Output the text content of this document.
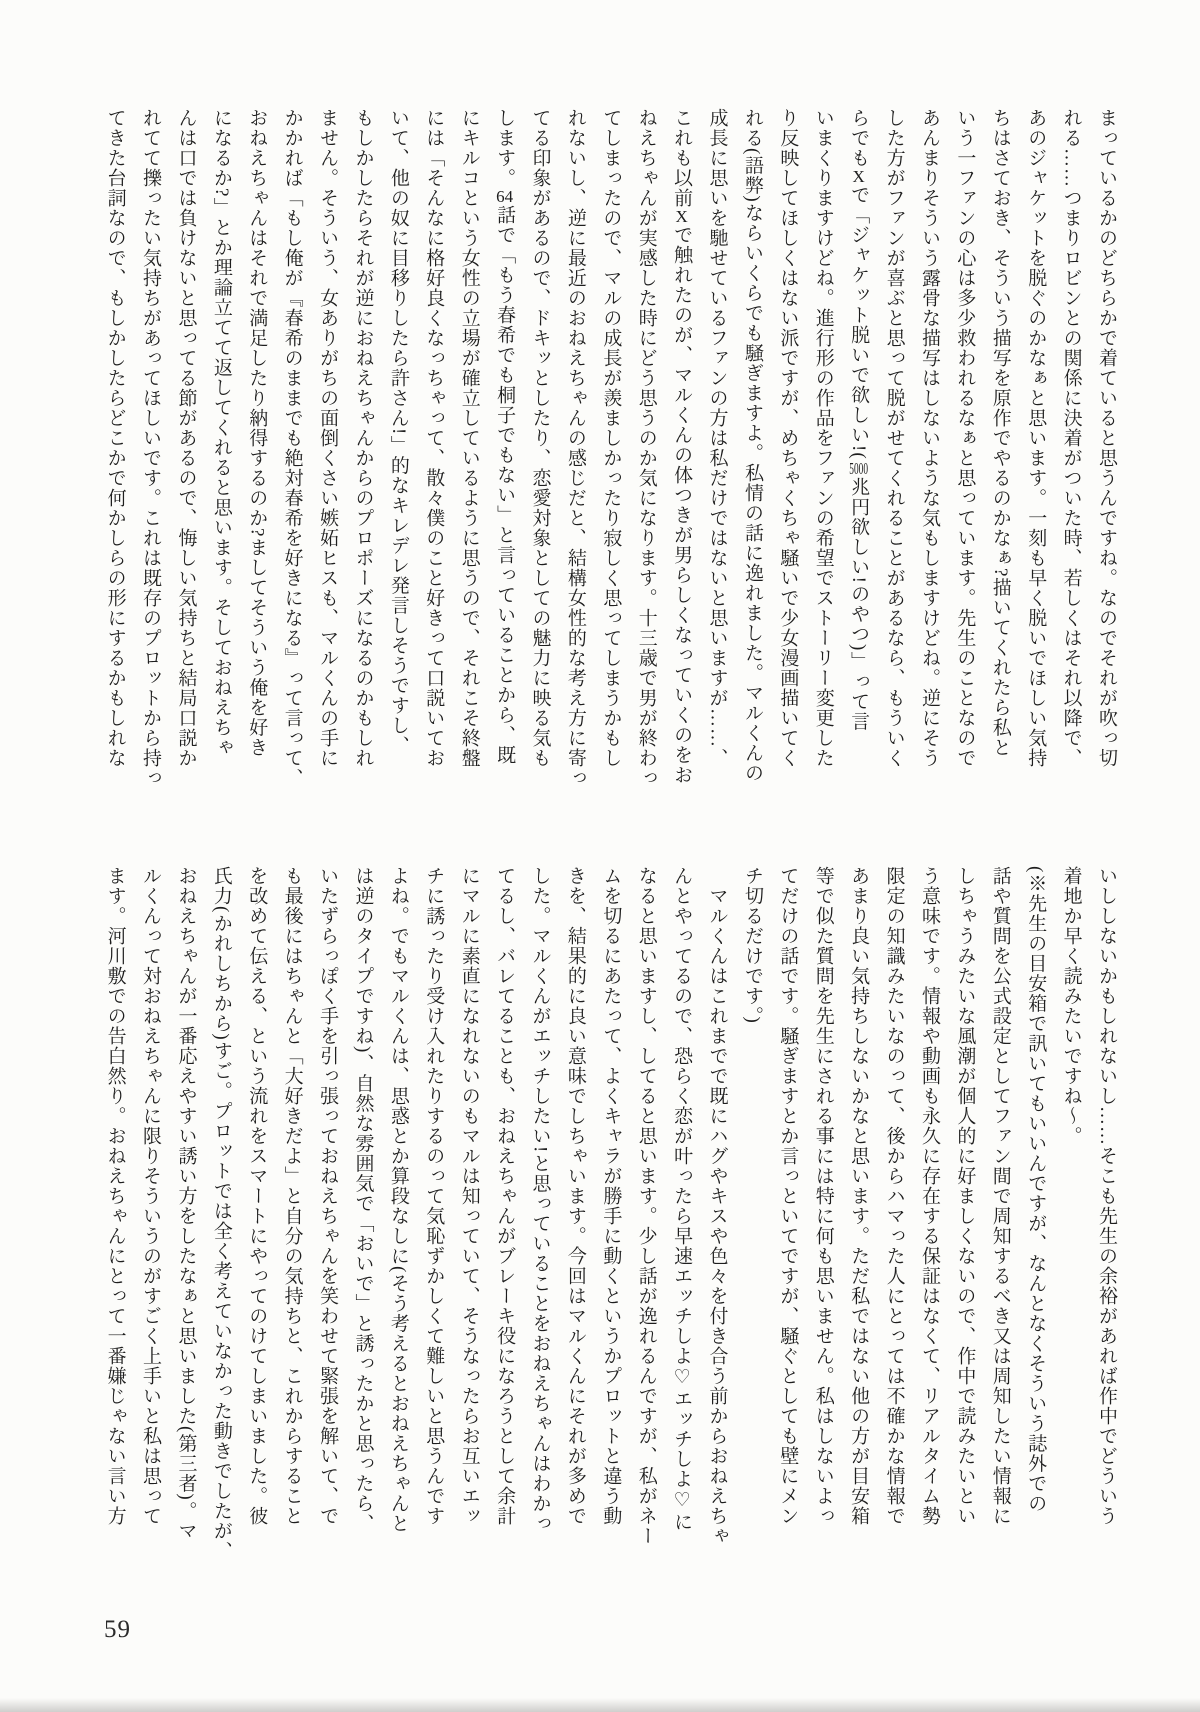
まっているかのどちらかで着ていると思うんですね。なのでそれが吹っ切
れる……つまりロビンとの関係に決着がついた時、若しくはそれ以降で、
あのジャケットを脱ぐのかなぁと思います。一刻も早く脱いでほしい気持
ちはさておき、そういう描写を原作でやるのかなぁ?描いてくれたら私と
いう一ファンの心は多少救われるなぁと思っています。先生のことなので
あんまりそういう露骨な描写はしないような気もしますけどね。逆にそう
した方がファンが喜ぶと思って脱がせてくれることがあるなら、もういく
らでもXで「ジャケット脱いで欲しい!(5000兆円欲しい!のやつ)」って言
いまくりますけどね。進行形の作品をファンの希望でストーリー変更した
り反映してほしくはない派ですが、めちゃくちゃ騒いで少女漫画描いてく
れる(語弊)ならいくらでも騒ぎますよ。私情の話に逸れました。マルくんの
成長に思いを馳せているファンの方は私だけではないと思いますが……、
これも以前Xで触れたのが、マルくんの体つきが男らしくなっていくのをお
ねえちゃんが実感した時にどう思うのか気になります。十三歳で男が終わっ
てしまったので、マルの成長が羨ましかったり寂しく思ってしまうかもし
れないし、逆に最近のおねえちゃんの感じだと、結構女性的な考え方に寄っ
てる印象があるので、ドキッとしたり、恋愛対象としての魅力に映る気も
します。64話で「もう春希でも桐子でもない」と言っていることから、既
にキルコという女性の立場が確立しているように思うので、それこそ終盤
には「そんなに格好良くなっちゃって、散々僕のこと好きって口説いてお
いて、他の奴に目移りしたら許さん!」的なキレデレ発言しそうですし、
もしかしたらそれが逆におねえちゃんからのプロポーズになるのかもしれ
ません。そういう、女ありがちの面倒くさい嫉妬ヒスも、マルくんの手に
かかれば「もし俺が『春希のままでも絶対春希を好きになる』って言って、
おねえちゃんはそれで満足したり納得するのか?ましてそういう俺を好き
になるか?」とか理論立てて返してくれると思います。そしておねえちゃ
んは口では負けないと思ってる節があるので、悔しい気持ちと結局口説か
れてて擽ったい気持ちがあってほしいです。これは既存のプロットから持っ
てきた台詞なので、もしかしたらどこかで何かしらの形にするかもしれな
いししないかもしれないし……そこも先生の余裕があれば作中でどういう
着地か早く読みたいですね〜。
(※先生の目安箱で訊いてもいいんですが、なんとなくそういう誌外での
話や質問を公式設定としてファン間で周知するべき又は周知したい情報に
しちゃうみたいな風潮が個人的に好ましくないので、作中で読みたいとい
う意味です。情報や動画も永久に存在する保証はなくて、リアルタイム勢
限定の知識みたいなのって、後からハマった人にとっては不確かな情報で
あまり良い気持ちしないかなと思います。ただ私ではない他の方が目安箱
等で似た質問を先生にされる事には特に何も思いません。私はしないよっ
てだけの話です。騒ぎますとか言っといてですが、騒ぐとしても壁にメン
チ切るだけです。)
　マルくんはこれまでで既にハグやキスや色々を付き合う前からおねえちゃ
んとやってるので、恐らく恋が叶ったら早速エッチしよ♡エッチしよ♡に
なると思いますし、してると思います。少し話が逸れるんですが、私がネー
ムを切るにあたって、よくキャラが勝手に動くというかプロットと違う動
きを、結果的に良い意味でしちゃいます。今回はマルくんにそれが多めで
した。マルくんがエッチしたい!と思っていることをおねえちゃんはわかっ
てるし、バレてることも、おねえちゃんがブレーキ役になろうとして余計
にマルに素直になれないのもマルは知っていて、そうなったらお互いエッ
チに誘ったり受け入れたりするのって気恥ずかしくて難しいと思うんです
よね。でもマルくんは、思惑とか算段なしに(そう考えるとおねえちゃんと
は逆のタイプですね)、自然な雰囲気で「おいで」と誘ったかと思ったら、
いたずらっぽく手を引っ張っておねえちゃんを笑わせて緊張を解いて、で
も最後にはちゃんと「大好きだよ」と自分の気持ちと、これからすること
を改めて伝える、という流れをスマートにやってのけてしまいました。彼
氏力(かれしちから)すご。プロットでは全く考えていなかった動きでしたが、
おねえちゃんが一番応えやすい誘い方をしたなぁと思いました(第三者)。マ
ルくんって対おねえちゃんに限りそういうのがすごく上手いと私は思って
ます。河川敷での告白然り。おねえちゃんにとって一番嫌じゃない言い方
59
